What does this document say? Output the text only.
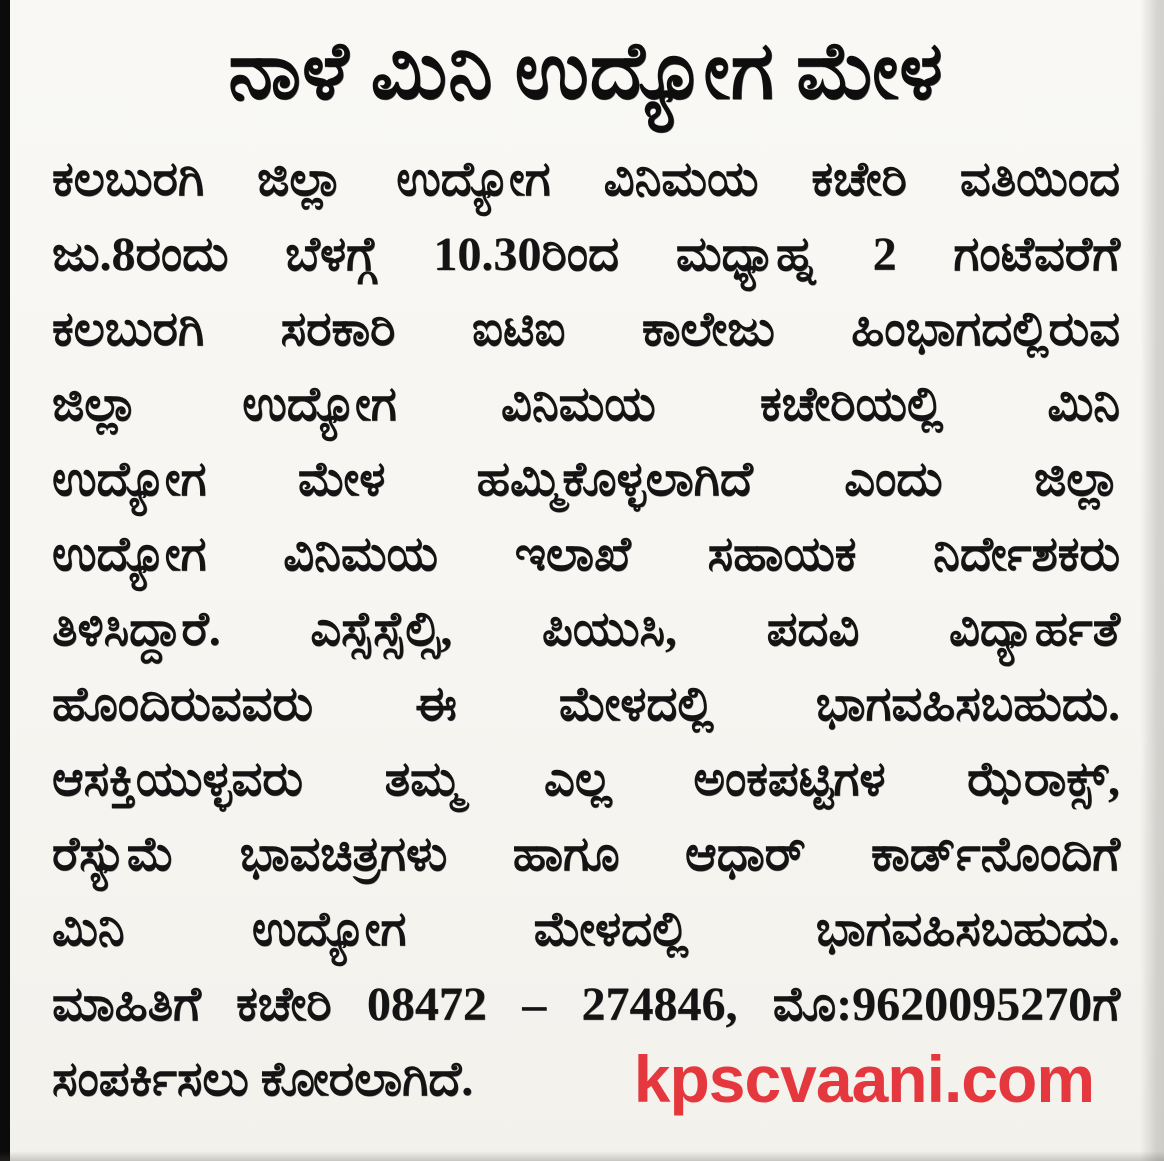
ನಾಳೆ ಮಿನಿ ಉದ್ಯೋಗ ಮೇಳ
ಕಲಬುರಗಿ ಜಿಲ್ಲಾ ಉದ್ಯೋಗ ವಿನಿಮಯ ಕಚೇರಿ ವತಿಯಿಂದ
ಜು.8ರಂದು ಬೆಳಗ್ಗೆ 10.30ರಿಂದ ಮಧ್ಯಾಹ್ನ 2 ಗಂಟೆವರೆಗೆ
ಕಲಬುರಗಿ ಸರಕಾರಿ ಐಟಿಐ ಕಾಲೇಜು ಹಿಂಭಾಗದಲ್ಲಿರುವ
ಜಿಲ್ಲಾ ಉದ್ಯೋಗ ವಿನಿಮಯ ಕಚೇರಿಯಲ್ಲಿ ಮಿನಿ
ಉದ್ಯೋಗ ಮೇಳ ಹಮ್ಮಿಕೊಳ್ಳಲಾಗಿದೆ ಎಂದು ಜಿಲ್ಲಾ
ಉದ್ಯೋಗ ವಿನಿಮಯ ಇಲಾಖೆ ಸಹಾಯಕ ನಿರ್ದೇಶಕರು
ತಿಳಿಸಿದ್ದಾರೆ. ಎಸ್ಸೆಸ್ಸೆಲ್ಸಿ, ಪಿಯುಸಿ, ಪದವಿ ವಿದ್ಯಾರ್ಹತೆ
ಹೊಂದಿರುವವರು ಈ ಮೇಳದಲ್ಲಿ ಭಾಗವಹಿಸಬಹುದು.
ಆಸಕ್ತಿಯುಳ್ಳವರು ತಮ್ಮ ಎಲ್ಲ ಅಂಕಪಟ್ಟಿಗಳ ಝೆರಾಕ್ಸ್,
ರೆಸ್ಯುಮೆ ಭಾವಚಿತ್ರಗಳು ಹಾಗೂ ಆಧಾರ್ ಕಾರ್ಡ್‌ನೊಂದಿಗೆ
ಮಿನಿ ಉದ್ಯೋಗ ಮೇಳದಲ್ಲಿ ಭಾಗವಹಿಸಬಹುದು.
ಮಾಹಿತಿಗೆ ಕಚೇರಿ 08472 – 274846, ಮೊ:9620095270ಗೆ
ಸಂಪರ್ಕಿಸಲು ಕೋರಲಾಗಿದೆ. kpscvaani.com
